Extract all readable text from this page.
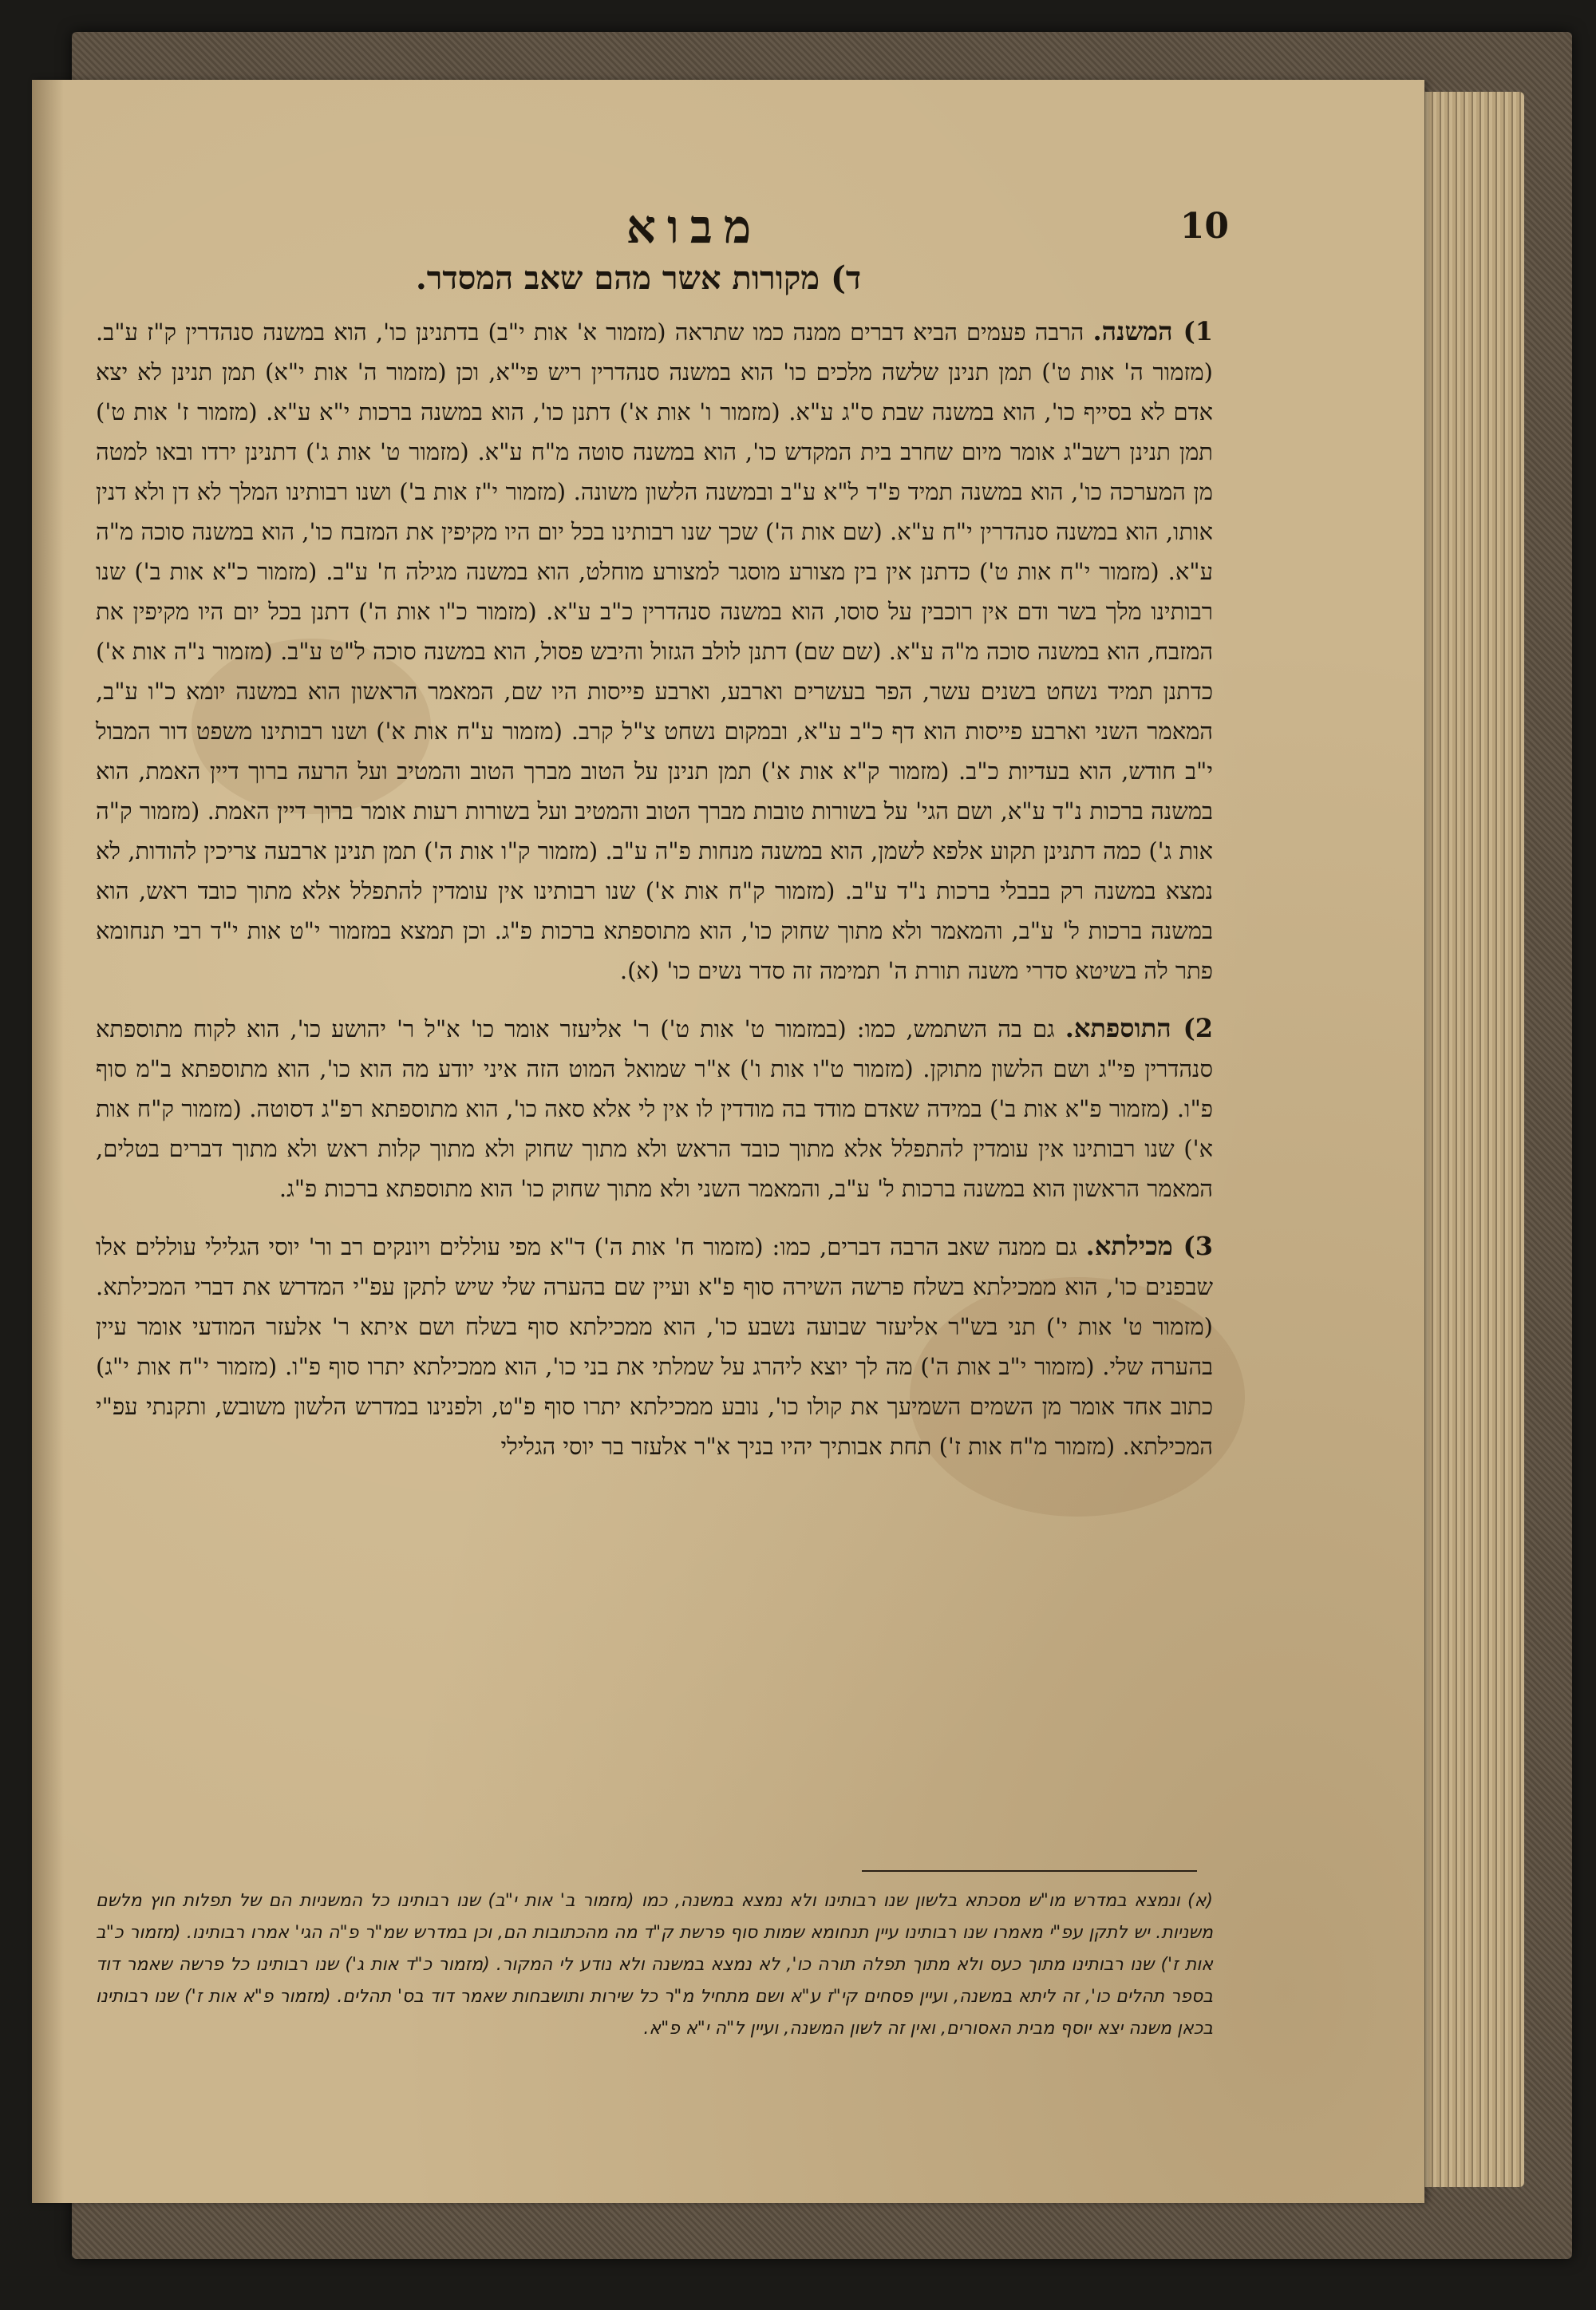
מבוא	10
ד) מקורות אשר מהם שאב המסדר.

1) המשנה. הרבה פעמים הביא דברים ממנה כמו שתראה (מזמור א' אות י"ב) בדתנינן כו', הוא במשנה סנהדרין ק"ז ע"ב. (מזמור ה' אות ט') תמן תנינן שלשה מלכים כו' הוא במשנה סנהדרין ריש פי"א, וכן (מזמור ה' אות י"א) תמן תנינן לא יצא אדם לא בסייף כו', הוא במשנה שבת ס"ג ע"א. (מזמור ו' אות א') דתנן כו', הוא במשנה ברכות י"א ע"א. (מזמור ז' אות ט') תמן תנינן רשב"ג אומר מיום שחרב בית המקדש כו', הוא במשנה סוטה מ"ח ע"א. (מזמור ט' אות ג') דתנינן ירדו ובאו למטה מן המערכה כו', הוא במשנה תמיד פ"ד ל"א ע"ב ובמשנה הלשון משונה. (מזמור י"ז אות ב') ושנו רבותינו המלך לא דן ולא דנין אותו, הוא במשנה סנהדרין י"ח ע"א. (שם אות ה') שכך שנו רבותינו בכל יום היו מקיפין את המזבח כו', הוא במשנה סוכה מ"ה ע"א. (מזמור י"ח אות ט') כדתנן אין בין מצורע מוסגר למצורע מוחלט, הוא במשנה מגילה ח' ע"ב. (מזמור כ"א אות ב') שנו רבותינו מלך בשר ודם אין רוכבין על סוסו, הוא במשנה סנהדרין כ"ב ע"א. (מזמור כ"ו אות ה') דתנן בכל יום היו מקיפין את המזבח, הוא במשנה סוכה מ"ה ע"א. (שם שם) דתנן לולב הגזול והיבש פסול, הוא במשנה סוכה ל"ט ע"ב. (מזמור נ"ה אות א') כדתנן תמיד נשחט בשנים עשר, הפר בעשרים וארבע, וארבע פייסות היו שם, המאמר הראשון הוא במשנה יומא כ"ו ע"ב, המאמר השני וארבע פייסות הוא דף כ"ב ע"א, ובמקום נשחט צ"ל קרב. (מזמור ע"ח אות א') ושנו רבותינו משפט דור המבול י"ב חודש, הוא בעדיות כ"ב. (מזמור ק"א אות א') תמן תנינן על הטוב מברך הטוב והמטיב ועל הרעה ברוך דיין האמת, הוא במשנה ברכות נ"ד ע"א, ושם הגי' על בשורות טובות מברך הטוב והמטיב ועל בשורות רעות אומר ברוך דיין האמת. (מזמור ק"ה אות ג') כמה דתנינן תקוע אלפא לשמן, הוא במשנה מנחות פ"ה ע"ב. (מזמור ק"ו אות ה') תמן תנינן ארבעה צריכין להודות, לא נמצא במשנה רק בבבלי ברכות נ"ד ע"ב. (מזמור ק"ח אות א') שנו רבותינו אין עומדין להתפלל אלא מתוך כובד ראש, הוא במשנה ברכות ל' ע"ב, והמאמר ולא מתוך שחוק כו', הוא מתוספתא ברכות פ"ג. וכן תמצא במזמור י"ט אות י"ד רבי תנחומא פתר לה בשיטא סדרי משנה תורת ה' תמימה זה סדר נשים כו' (א).

2) התוספתא. גם בה השתמש, כמו: (במזמור ט' אות ט') ר' אליעזר אומר כו' א"ל ר' יהושע כו', הוא לקוח מתוספתא סנהדרין פי"ג ושם הלשון מתוקן. (מזמור ט"ו אות ו') א"ר שמואל המוט הזה איני יודע מה הוא כו', הוא מתוספתא ב"מ סוף פ"ו. (מזמור פ"א אות ב') במידה שאדם מודד בה מודדין לו אין לי אלא סאה כו', הוא מתוספתא רפ"ג דסוטה. (מזמור ק"ח אות א') שנו רבותינו אין עומדין להתפלל אלא מתוך כובד הראש ולא מתוך שחוק ולא מתוך קלות ראש ולא מתוך דברים בטלים, המאמר הראשון הוא במשנה ברכות ל' ע"ב, והמאמר השני ולא מתוך שחוק כו' הוא מתוספתא ברכות פ"ג.

3) מכילתא. גם ממנה שאב הרבה דברים, כמו: (מזמור ח' אות ה') ד"א מפי עוללים ויונקים רב ור' יוסי הגלילי עוללים אלו שבפנים כו', הוא ממכילתא בשלח פרשה השירה סוף פ"א ועיין שם בהערה שלי שיש לתקן עפ"י המדרש את דברי המכילתא. (מזמור ט' אות י') תני בש"ר אליעזר שבועה נשבע כו', הוא ממכילתא סוף בשלח ושם איתא ר' אלעזר המודעי אומר עיין בהערה שלי. (מזמור י"ב אות ה') מה לך יוצא ליהרג על שמלתי את בני כו', הוא ממכילתא יתרו סוף פ"ו. (מזמור י"ח אות י"ג) כתוב אחד אומר מן השמים השמיעך את קולו כו', נובע ממכילתא יתרו סוף פ"ט, ולפנינו במדרש הלשון משובש, ותקנתי עפ"י המכילתא. (מזמור מ"ח אות ז') תחת אבותיך יהיו בניך א"ר אלעזר בר יוסי הגלילי

(א) ונמצא במדרש מו"ש מסכתא בלשון שנו רבותינו ולא נמצא במשנה, כמו (מזמור ב' אות י"ב) שנו רבותינו כל המשניות הם של תפלות חוץ מלשם משניות. יש לתקן עפ"י מאמרו שנו רבותינו עיין תנחומא שמות סוף פרשת ק"ד מה מהכתובות הם, וכן במדרש שמ"ר פ"ה הגי' אמרו רבותינו. (מזמור כ"ב אות ז') שנו רבותינו מתוך כעס ולא מתוך תפלה תורה כו', לא נמצא במשנה ולא נודע לי המקור. (מזמור כ"ד אות ג') שנו רבותינו כל פרשה שאמר דוד בספר תהלים כו', זה ליתא במשנה, ועיין פסחים קי"ז ע"א ושם מתחיל מ"ר כל שירות ותושבחות שאמר דוד בס' תהלים. (מזמור פ"א אות ז') שנו רבותינו בכאן משנה יצא יוסף מבית האסורים, ואין זה לשון המשנה, ועיין ל"ה י"א פ"א.
